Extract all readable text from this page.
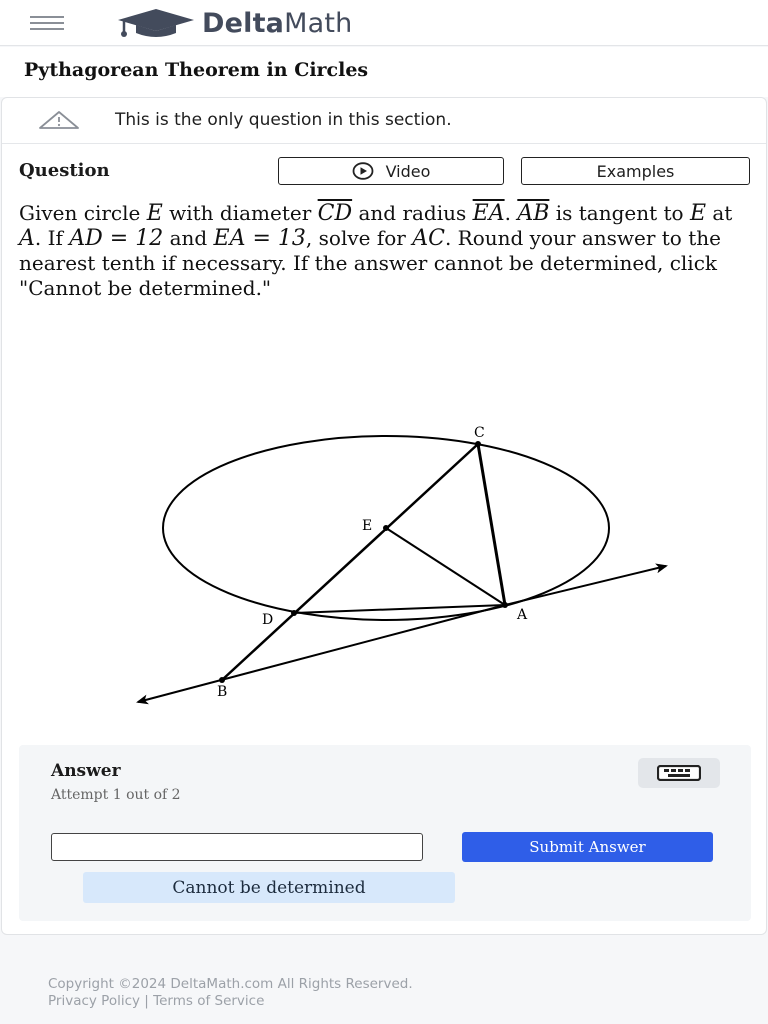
DeltaMath
Pythagorean Theorem in Circles
This is the only question in this section.
Question	Video	Examples
Given circle E with diameter $\overline{CD}$ and radius $\overline{EA}$. $\overline{AB}$ is tangent to E at A. If AD = 12 and EA = 13, solve for AC. Round your answer to the nearest tenth if necessary. If the answer cannot be determined, click "Cannot be determined."
C
E
D	A
B
Answer
Attempt 1 out of 2
Submit Answer
Cannot be determined
Copyright ©2024 DeltaMath.com All Rights Reserved.
Privacy Policy | Terms of Service
